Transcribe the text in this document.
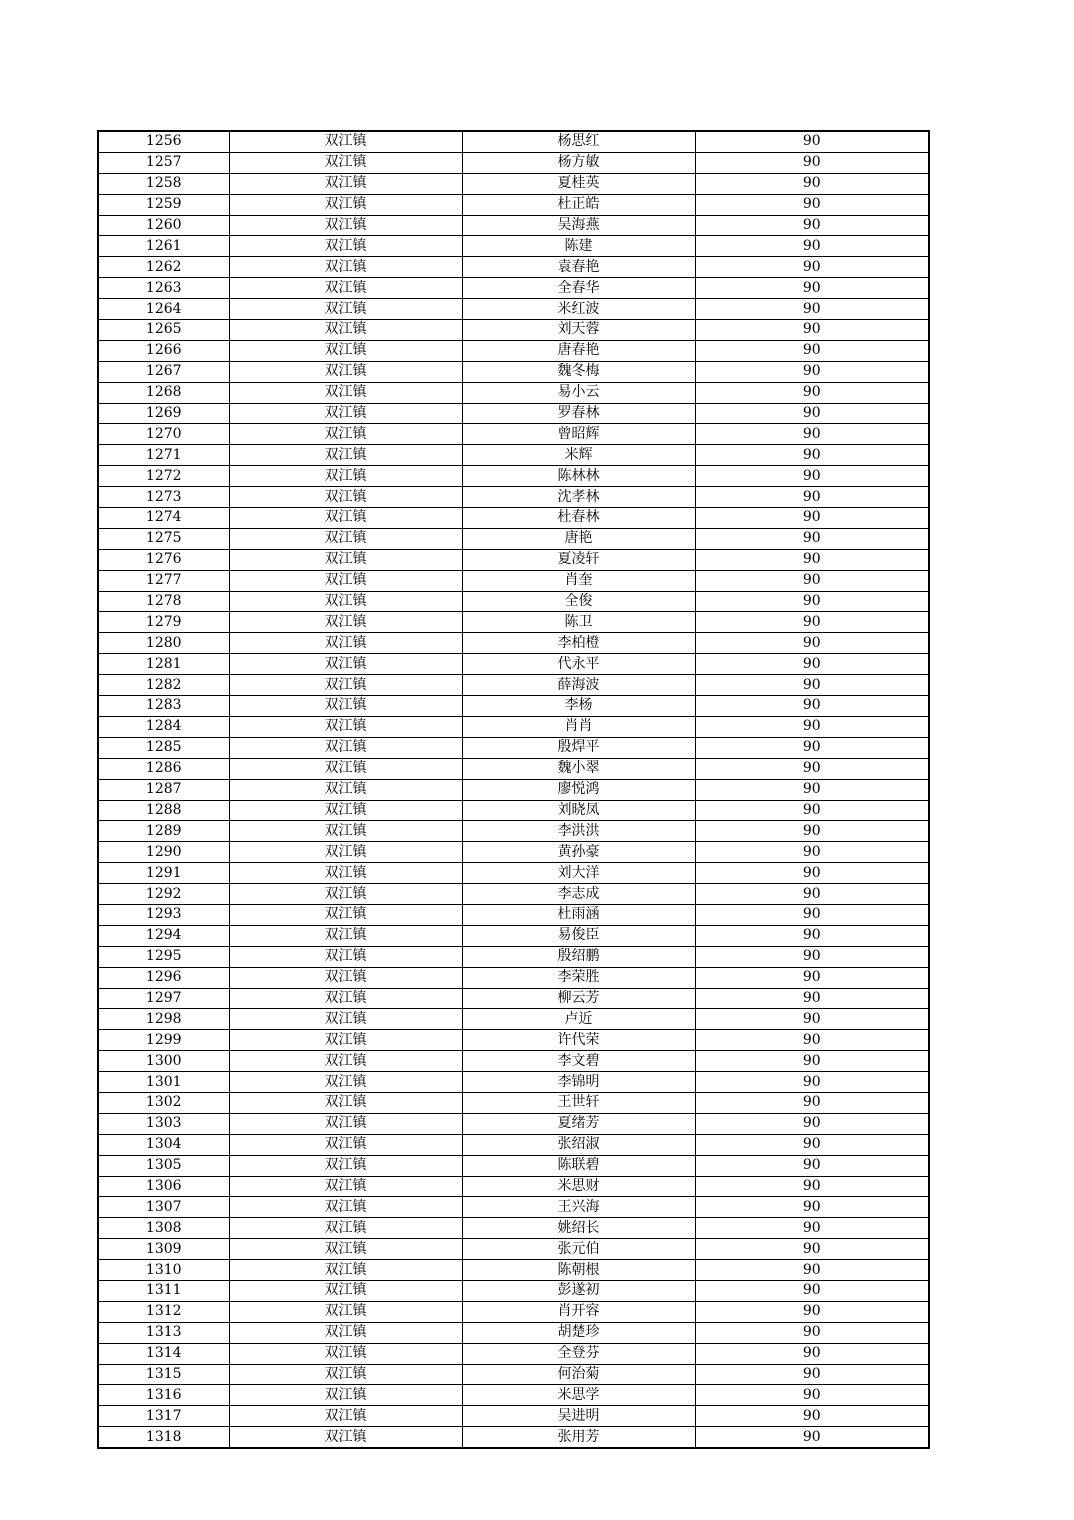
1256	双江镇	杨思红	90
1257	双江镇	杨方敏	90
1258	双江镇	夏桂英	90
1259	双江镇	杜正皓	90
1260	双江镇	吴海燕	90
1261	双江镇	陈建	90
1262	双江镇	袁春艳	90
1263	双江镇	全春华	90
1264	双江镇	米红波	90
1265	双江镇	刘天蓉	90
1266	双江镇	唐春艳	90
1267	双江镇	魏冬梅	90
1268	双江镇	易小云	90
1269	双江镇	罗春林	90
1270	双江镇	曾昭辉	90
1271	双江镇	米辉	90
1272	双江镇	陈林林	90
1273	双江镇	沈孝林	90
1274	双江镇	杜春林	90
1275	双江镇	唐艳	90
1276	双江镇	夏凌轩	90
1277	双江镇	肖奎	90
1278	双江镇	全俊	90
1279	双江镇	陈卫	90
1280	双江镇	李柏橙	90
1281	双江镇	代永平	90
1282	双江镇	薛海波	90
1283	双江镇	李杨	90
1284	双江镇	肖肖	90
1285	双江镇	殷焊平	90
1286	双江镇	魏小翠	90
1287	双江镇	廖悦鸿	90
1288	双江镇	刘晓凤	90
1289	双江镇	李洪洪	90
1290	双江镇	黄孙豪	90
1291	双江镇	刘大洋	90
1292	双江镇	李志成	90
1293	双江镇	杜雨涵	90
1294	双江镇	易俊臣	90
1295	双江镇	殷绍鹏	90
1296	双江镇	李荣胜	90
1297	双江镇	柳云芳	90
1298	双江镇	卢近	90
1299	双江镇	许代荣	90
1300	双江镇	李文碧	90
1301	双江镇	李锦明	90
1302	双江镇	王世轩	90
1303	双江镇	夏绪芳	90
1304	双江镇	张绍淑	90
1305	双江镇	陈联碧	90
1306	双江镇	米思财	90
1307	双江镇	王兴海	90
1308	双江镇	姚绍长	90
1309	双江镇	张元伯	90
1310	双江镇	陈朝根	90
1311	双江镇	彭遂初	90
1312	双江镇	肖开容	90
1313	双江镇	胡楚珍	90
1314	双江镇	全登芬	90
1315	双江镇	何治菊	90
1316	双江镇	米思学	90
1317	双江镇	吴进明	90
1318	双江镇	张用芳	90
